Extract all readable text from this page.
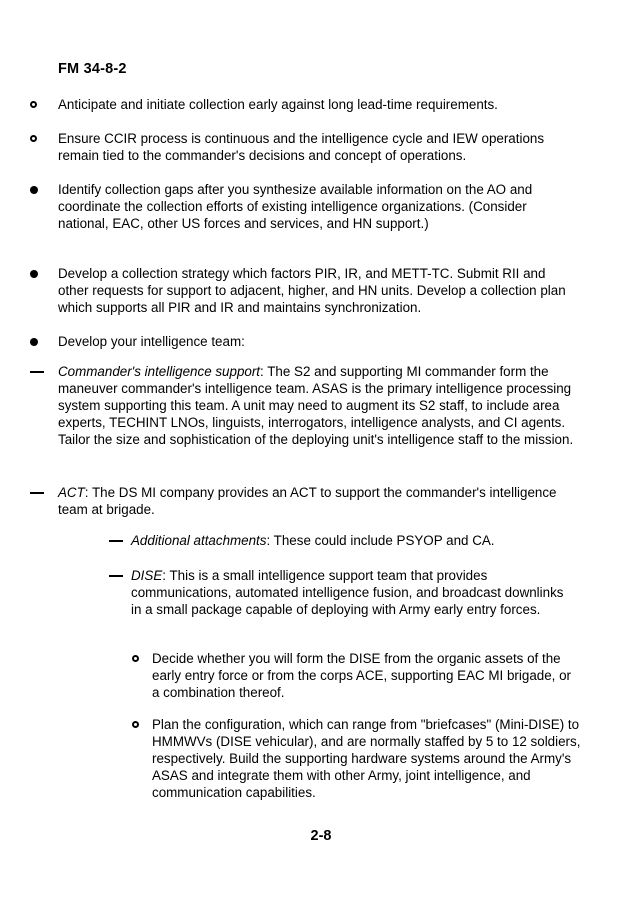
FM 34-8-2
Anticipate and initiate collection early against long lead-time requirements.
Ensure CCIR process is continuous and the intelligence cycle and IEW operations remain tied to the commander's decisions and concept of operations.
Identify collection gaps after you synthesize available information on the AO and coordinate the collection efforts of existing intelligence organizations. (Consider national, EAC, other US forces and services, and HN support.)
Develop a collection strategy which factors PIR, IR, and METT-TC. Submit RII and other requests for support to adjacent, higher, and HN units. Develop a collection plan which supports all PIR and IR and maintains synchronization.
Develop your intelligence team:
Commander's intelligence support: The S2 and supporting MI commander form the maneuver commander's intelligence team. ASAS is the primary intelligence processing system supporting this team. A unit may need to augment its S2 staff, to include area experts, TECHINT LNOs, linguists, interrogators, intelligence analysts, and CI agents. Tailor the size and sophistication of the deploying unit's intelligence staff to the mission.
ACT: The DS MI company provides an ACT to support the commander's intelligence team at brigade.
Additional attachments: These could include PSYOP and CA.
DISE: This is a small intelligence support team that provides communications, automated intelligence fusion, and broadcast downlinks in a small package capable of deploying with Army early entry forces.
Decide whether you will form the DISE from the organic assets of the early entry force or from the corps ACE, supporting EAC MI brigade, or a combination thereof.
Plan the configuration, which can range from "briefcases" (Mini-DISE) to HMMWVs (DISE vehicular), and are normally staffed by 5 to 12 soldiers, respectively. Build the supporting hardware systems around the Army's ASAS and integrate them with other Army, joint intelligence, and communication capabilities.
2-8
